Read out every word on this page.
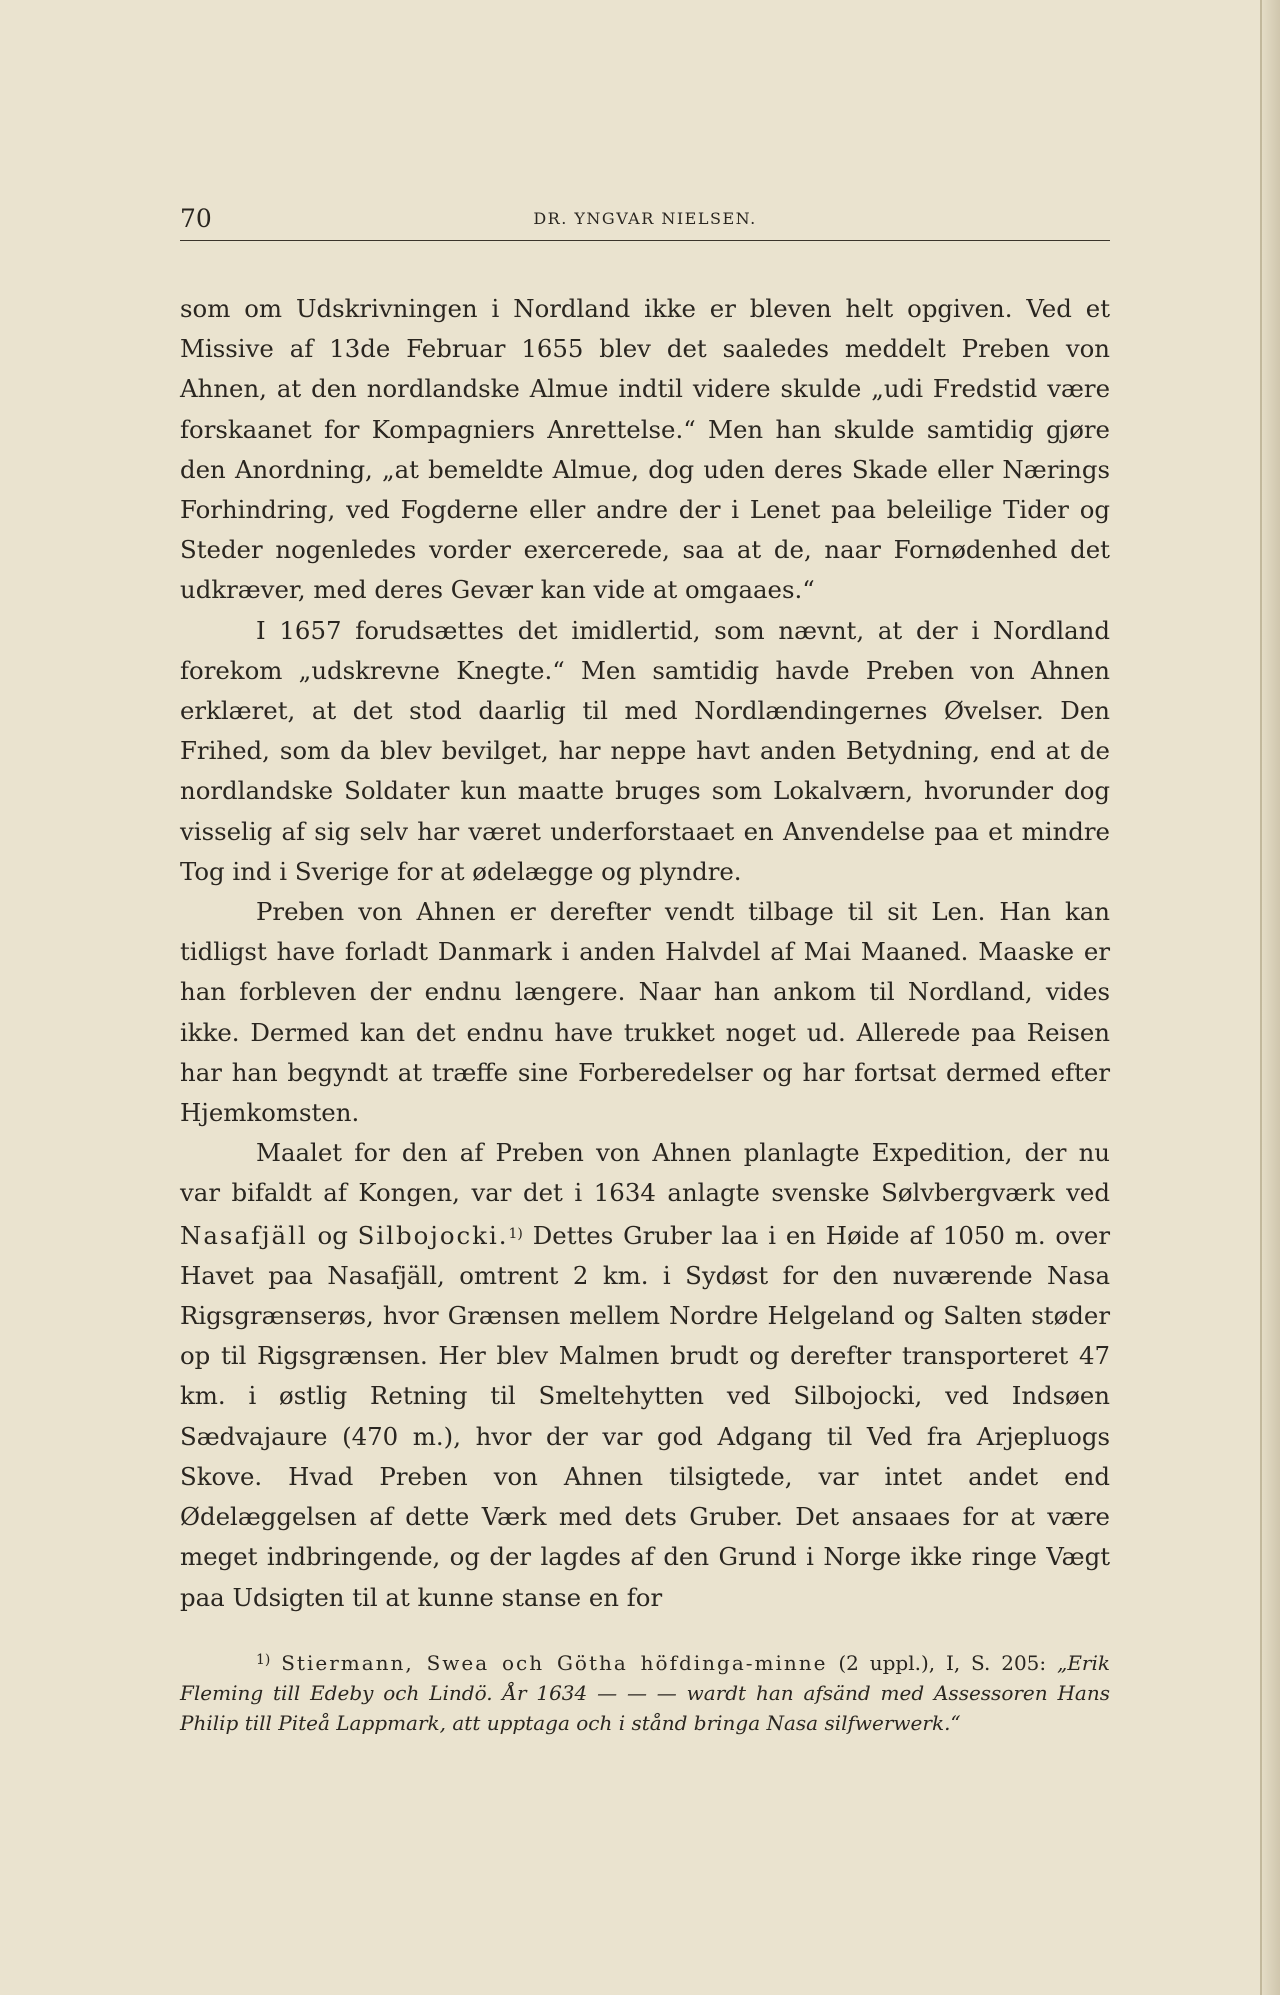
70	DR. YNGVAR NIELSEN.

som om Udskrivningen i Nordland ikke er bleven helt opgiven. Ved et Missive af 13de Februar 1655 blev det saaledes meddelt Preben von Ahnen, at den nordlandske Almue indtil videre skulde „udi Fredstid være forskaanet for Kompagniers Anrettelse.“ Men han skulde samtidig gjøre den Anordning, „at bemeldte Almue, dog uden deres Skade eller Nærings Forhindring, ved Fogderne eller andre der i Lenet paa beleilige Tider og Steder nogenledes vorder exercerede, saa at de, naar Fornødenhed det udkræver, med deres Gevær kan vide at omgaaes.“

I 1657 forudsættes det imidlertid, som nævnt, at der i Nordland forekom „udskrevne Knegte.“ Men samtidig havde Preben von Ahnen erklæret, at det stod daarlig til med Nordlændingernes Øvelser. Den Frihed, som da blev bevilget, har neppe havt anden Betydning, end at de nordlandske Soldater kun maatte bruges som Lokalværn, hvorunder dog visselig af sig selv har været underforstaaet en Anvendelse paa et mindre Tog ind i Sverige for at ødelægge og plyndre.

Preben von Ahnen er derefter vendt tilbage til sit Len. Han kan tidligst have forladt Danmark i anden Halvdel af Mai Maaned. Maaske er han forbleven der endnu længere. Naar han ankom til Nordland, vides ikke. Dermed kan det endnu have trukket noget ud. Allerede paa Reisen har han begyndt at træffe sine Forberedelser og har fortsat dermed efter Hjemkomsten.

Maalet for den af Preben von Ahnen planlagte Expedition, der nu var bifaldt af Kongen, var det i 1634 anlagte svenske Sølvbergværk ved Nasafjäll og Silbojocki.$^{1)}$ Dettes Gruber laa i en Høide af 1050 m. over Havet paa Nasafjäll, omtrent 2 km. i Sydøst for den nuværende Nasa Rigsgrænserøs, hvor Grænsen mellem Nordre Helgeland og Salten støder op til Rigsgrænsen. Her blev Malmen brudt og derefter transporteret 47 km. i østlig Retning til Smeltehytten ved Silbojocki, ved Indsøen Sædvajaure (470 m.), hvor der var god Adgang til Ved fra Arjepluogs Skove. Hvad Preben von Ahnen tilsigtede, var intet andet end Ødelæggelsen af dette Værk med dets Gruber. Det ansaaes for at være meget indbringende, og der lagdes af den Grund i Norge ikke ringe Vægt paa Udsigten til at kunne stanse en for

$^{1)}$ Stiermann, Swea och Götha höfdinga-minne (2 uppl.), I, S. 205: „Erik Fleming till Edeby och Lindö. År 1634 — — — wardt han afsänd med Assessoren Hans Philip till Piteå Lappmark, att upptaga och i stånd bringa Nasa silfwerwerk.“
